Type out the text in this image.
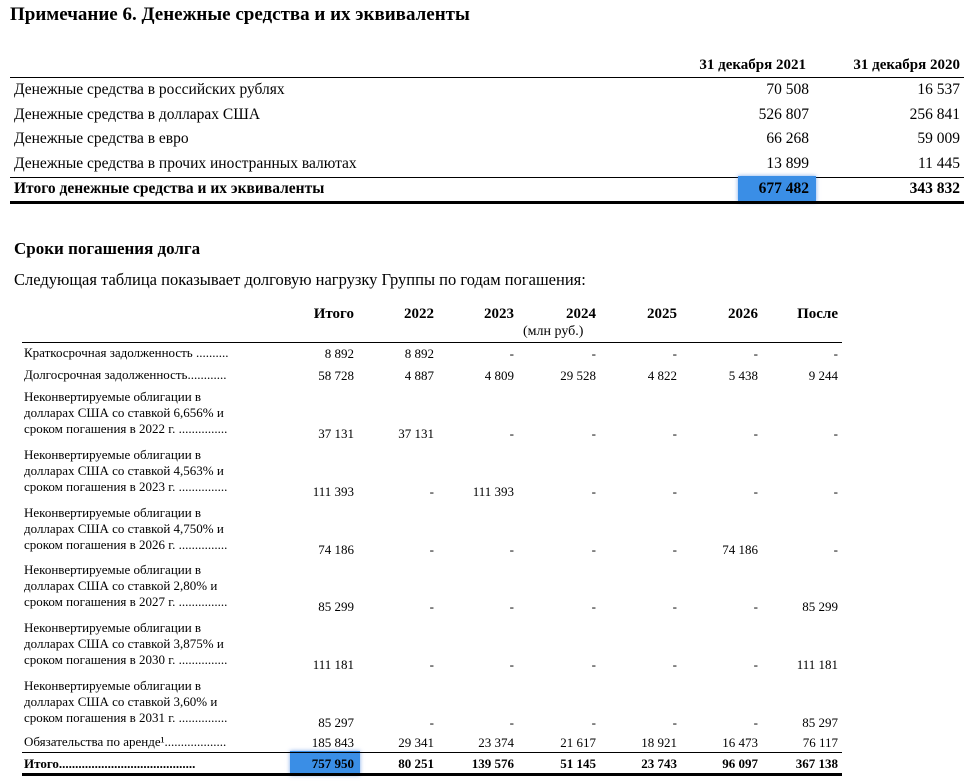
Примечание 6. Денежные средства и их эквиваленты
31 декабря 2021	31 декабря 2020
Денежные средства в российских рублях	70 508	16 537
Денежные средства в долларах США	526 807	256 841
Денежные средства в евро	66 268	59 009
Денежные средства в прочих иностранных валютах	13 899	11 445
Итого денежные средства и их эквиваленты	677 482	343 832
Сроки погашения долга
Следующая таблица показывает долговую нагрузку Группы по годам погашения:
Итого	2022	2023	2024	2025	2026	После
(млн руб.)
Краткосрочная задолженность ..........	8 892	8 892	-	-	-	-	-
Долгосрочная задолженность............	58 728	4 887	4 809	29 528	4 822	5 438	9 244
Неконвертируемые облигации в
долларах США со ставкой 6,656% и
сроком погашения в 2022 г. ...............	37 131	37 131	-	-	-	-	-
Неконвертируемые облигации в
долларах США со ставкой 4,563% и
сроком погашения в 2023 г. ...............	111 393	-	111 393	-	-	-	-
Неконвертируемые облигации в
долларах США со ставкой 4,750% и
сроком погашения в 2026 г. ...............	74 186	-	-	-	-	74 186	-
Неконвертируемые облигации в
долларах США со ставкой 2,80% и
сроком погашения в 2027 г. ...............	85 299	-	-	-	-	-	85 299
Неконвертируемые облигации в
долларах США со ставкой 3,875% и
сроком погашения в 2030 г. ...............	111 181	-	-	-	-	-	111 181
Неконвертируемые облигации в
долларах США со ставкой 3,60% и
сроком погашения в 2031 г. ...............	85 297	-	-	-	-	-	85 297
Обязательства по аренде¹...................	185 843	29 341	23 374	21 617	18 921	16 473	76 117
Итого..........................................	757 950	80 251	139 576	51 145	23 743	96 097	367 138
